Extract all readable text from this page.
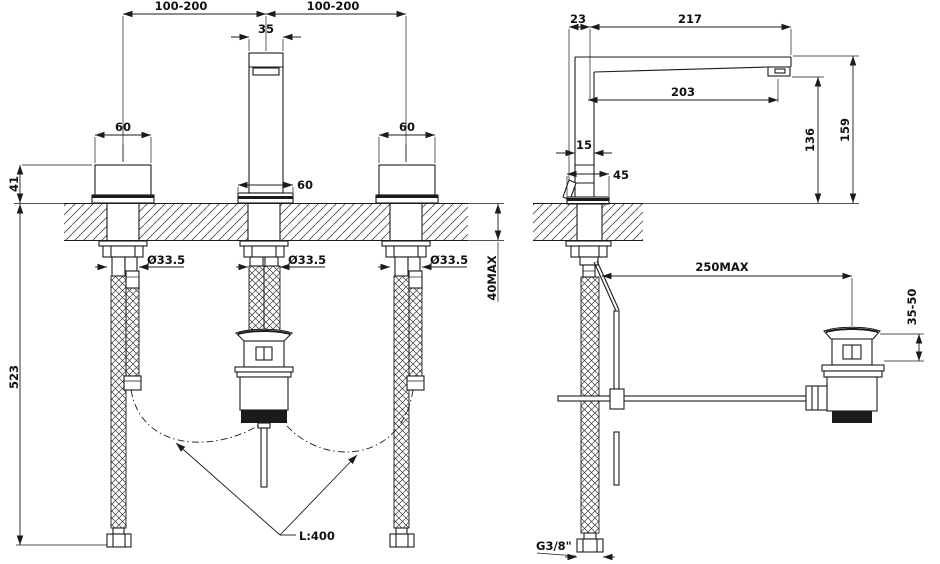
100-200	100-200
35
60
60	60
41
40MAX
523
Ø33.5	Ø33.5	Ø33.5
L:400
23	217
203
15
45
136 159
250MAX
35-50
G3/8"
